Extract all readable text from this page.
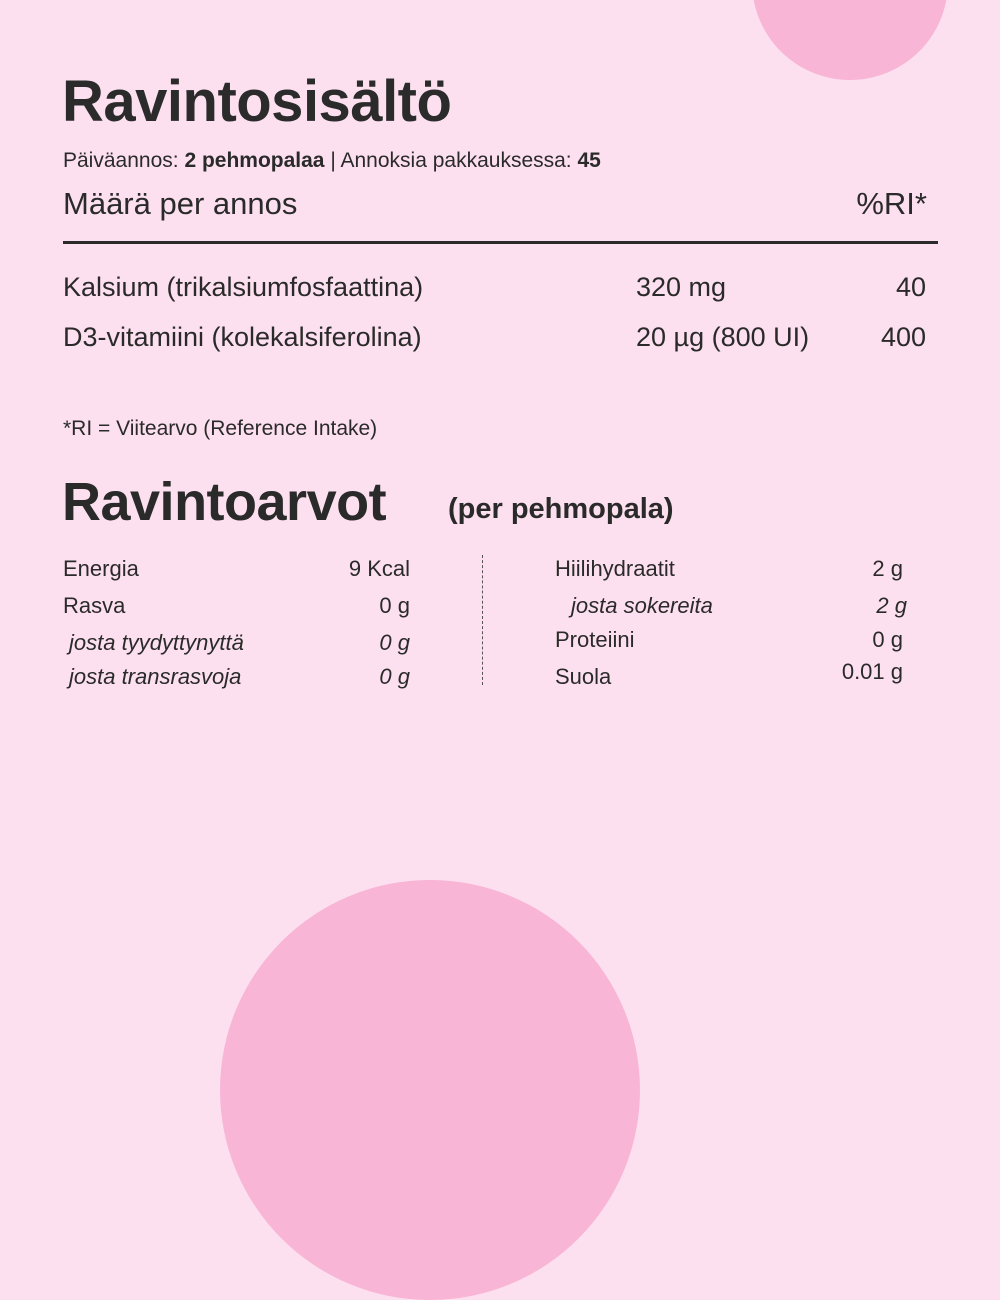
Ravintosisältö
Päiväannos: 2 pehmopalaa | Annoksia pakkauksessa: 45
Määrä per annos	%RI*
Kalsium (trikalsiumfosfaattina)	320 mg	40
D3-vitamiini (kolekalsiferolina)	20 µg (800 UI)	400
*RI = Viitearvo (Reference Intake)
Ravintoarvot (per pehmopala)
Energia	9 Kcal
Rasva	0 g
josta tyydyttynyttä	0 g
josta transrasvoja	0 g
Hiilihydraatit	2 g
josta sokereita	2 g
Proteiini	0 g
Suola	0.01 g
